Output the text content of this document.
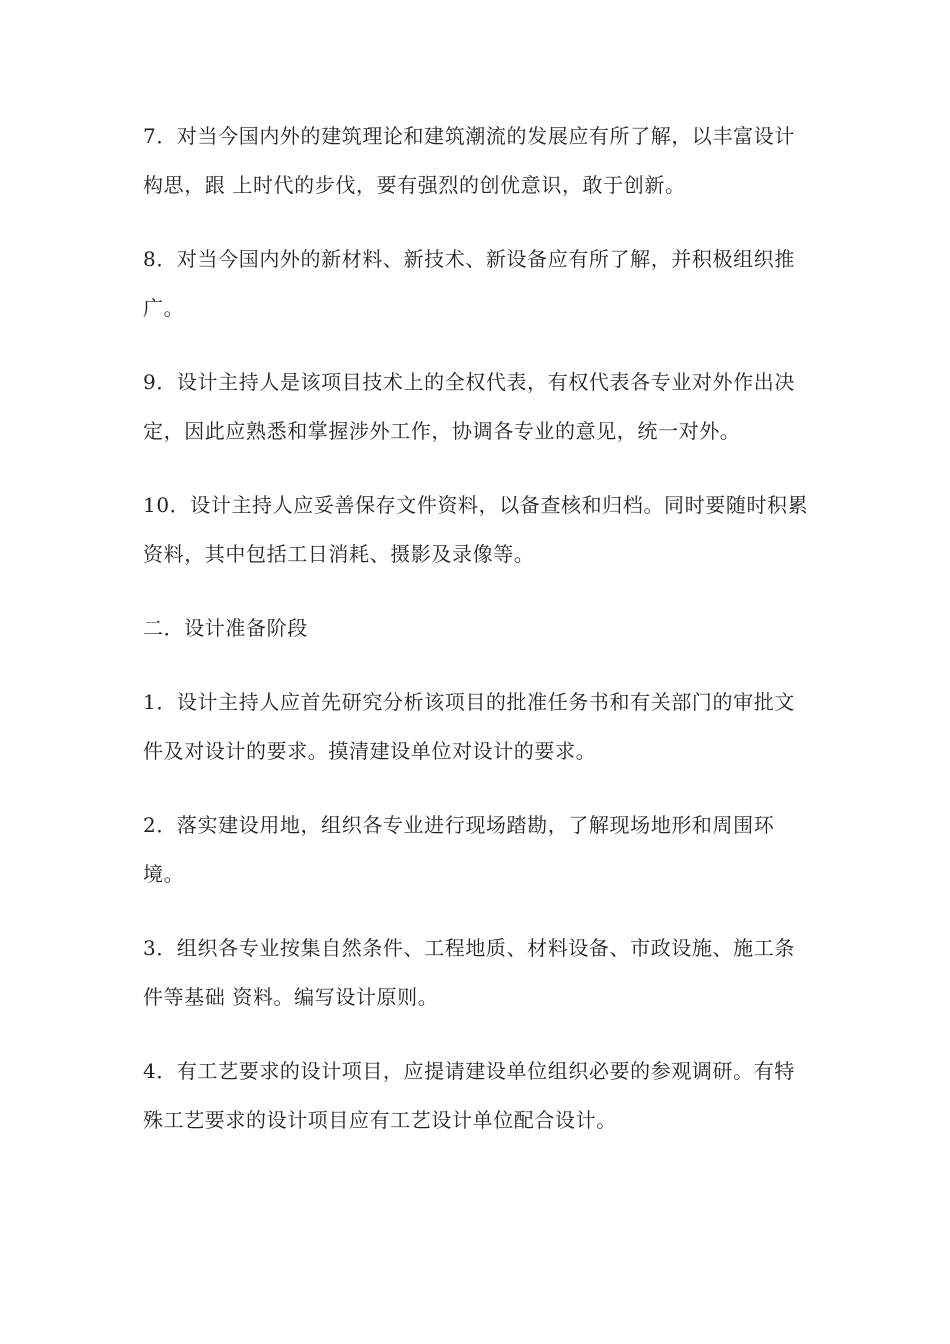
7．对当今国内外的建筑理论和建筑潮流的发展应有所了解，以丰富设计构思，跟 上时代的步伐，要有强烈的创优意识，敢于创新。

8．对当今国内外的新材料、新技术、新设备应有所了解，并积极组织推广。

9．设计主持人是该项目技术上的全权代表，有权代表各专业对外作出决定，因此应熟悉和掌握涉外工作，协调各专业的意见，统一对外。

10．设计主持人应妥善保存文件资料，以备查核和归档。同时要随时积累资料，其中包括工日消耗、摄影及录像等。

二．设计准备阶段

1．设计主持人应首先研究分析该项目的批准任务书和有关部门的审批文件及对设计的要求。摸清建设单位对设计的要求。

2．落实建设用地，组织各专业进行现场踏勘，了解现场地形和周围环境。

3．组织各专业按集自然条件、工程地质、材料设备、市政设施、施工条件等基础 资料。编写设计原则。

4．有工艺要求的设计项目，应提请建设单位组织必要的参观调研。有特殊工艺要求的设计项目应有工艺设计单位配合设计。
